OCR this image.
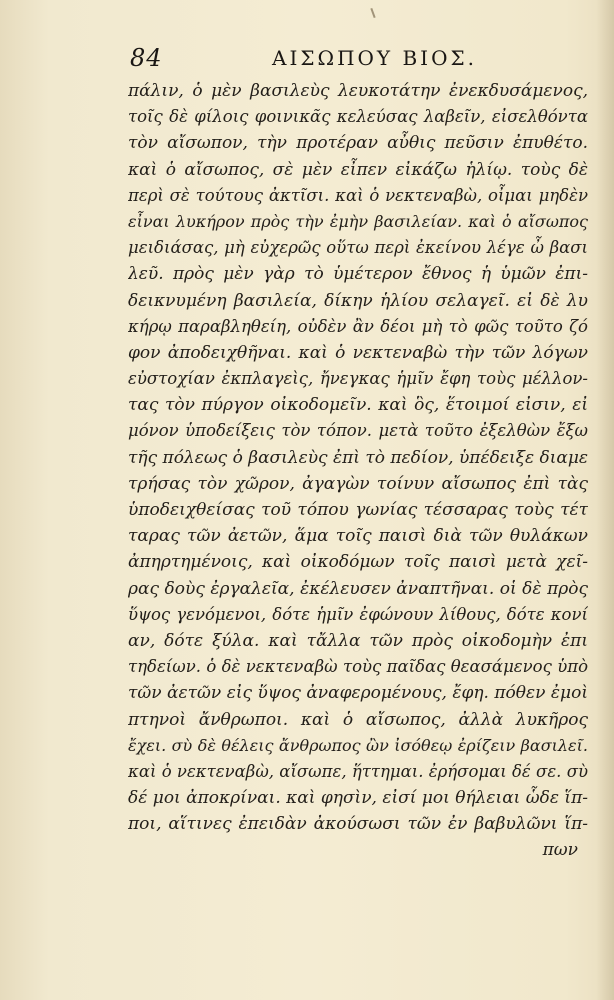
84	ΑΙΣΩΠΟΥ ΒΙΟΣ.
πάλιν, ὁ μὲν βασιλεὺς λευκοτάτην ἐνεκδυσάμενος,
τοῖς δὲ φίλοις φοινικᾶς κελεύσας λαβεῖν, εἰσελθόντα
τὸν αἴσωπον, τὴν προτέραν αὖθις πεῦσιν ἐπυθέτο.
καὶ ὁ αἴσωπος, σὲ μὲν εἶπεν εἰκάζω ἡλίῳ. τοὺς δὲ
περὶ σὲ τούτους ἀκτῖσι. καὶ ὁ νεκτεναβὼ, οἶμαι μηδὲν
εἶναι λυκήρον πρὸς τὴν ἐμὴν βασιλείαν. καὶ ὁ αἴσωπος
μειδιάσας, μὴ εὐχερῶς οὕτω περὶ ἐκείνου λέγε ὦ βασι
λεῦ. πρὸς μὲν γὰρ τὸ ὑμέτερον ἔθνος ἡ ὑμῶν ἐπι-
δεικνυμένη βασιλεία, δίκην ἡλίου σελαγεῖ. εἰ δὲ λυ
κήρῳ παραβληθείη, οὐδὲν ἂν δέοι μὴ τὸ φῶς τοῦτο ζό
φον ἀποδειχθῆναι. καὶ ὁ νεκτεναβὼ τὴν τῶν λόγων
εὐστοχίαν ἐκπλαγεὶς, ἤνεγκας ἡμῖν ἔφη τοὺς μέλλον-
τας τὸν πύργον οἰκοδομεῖν. καὶ ὃς, ἕτοιμοί εἰσιν, εἰ
μόνον ὑποδείξεις τὸν τόπον. μετὰ τοῦτο ἐξελθὼν ἔξω
τῆς πόλεως ὁ βασιλεὺς ἐπὶ τὸ πεδίον, ὑπέδειξε διαμε
τρήσας τὸν χῶρον, ἀγαγὼν τοίνυν αἴσωπος ἐπὶ τὰς
ὑποδειχθείσας τοῦ τόπου γωνίας τέσσαρας τοὺς τέτ
ταρας τῶν ἀετῶν, ἅμα τοῖς παισὶ διὰ τῶν θυλάκων
ἀπηρτημένοις, καὶ οἰκοδόμων τοῖς παισὶ μετὰ χεῖ-
ρας δοὺς ἐργαλεῖα, ἐκέλευσεν ἀναπτῆναι. οἱ δὲ πρὸς
ὕψος γενόμενοι, δότε ἡμῖν ἐφώνουν λίθους, δότε κονί
αν, δότε ξύλα. καὶ τἄλλα τῶν πρὸς οἰκοδομὴν ἐπι
τηδείων. ὁ δὲ νεκτεναβὼ τοὺς παῖδας θεασάμενος ὑπὸ
τῶν ἀετῶν εἰς ὕψος ἀναφερομένους, ἔφη. πόθεν ἐμοὶ
πτηνοὶ ἄνθρωποι. καὶ ὁ αἴσωπος, ἀλλὰ λυκῆρος
ἔχει. σὺ δὲ θέλεις ἄνθρωπος ὢν ἰσόθεῳ ἐρίζειν βασιλεῖ.
καὶ ὁ νεκτεναβὼ, αἴσωπε, ἥττημαι. ἐρήσομαι δέ σε. σὺ
δέ μοι ἀποκρίναι. καὶ φησὶν, εἰσί μοι θήλειαι ὧδε ἵπ-
ποι, αἵτινες ἐπειδὰν ἀκούσωσι τῶν ἐν βαβυλῶνι ἵπ-
πων
